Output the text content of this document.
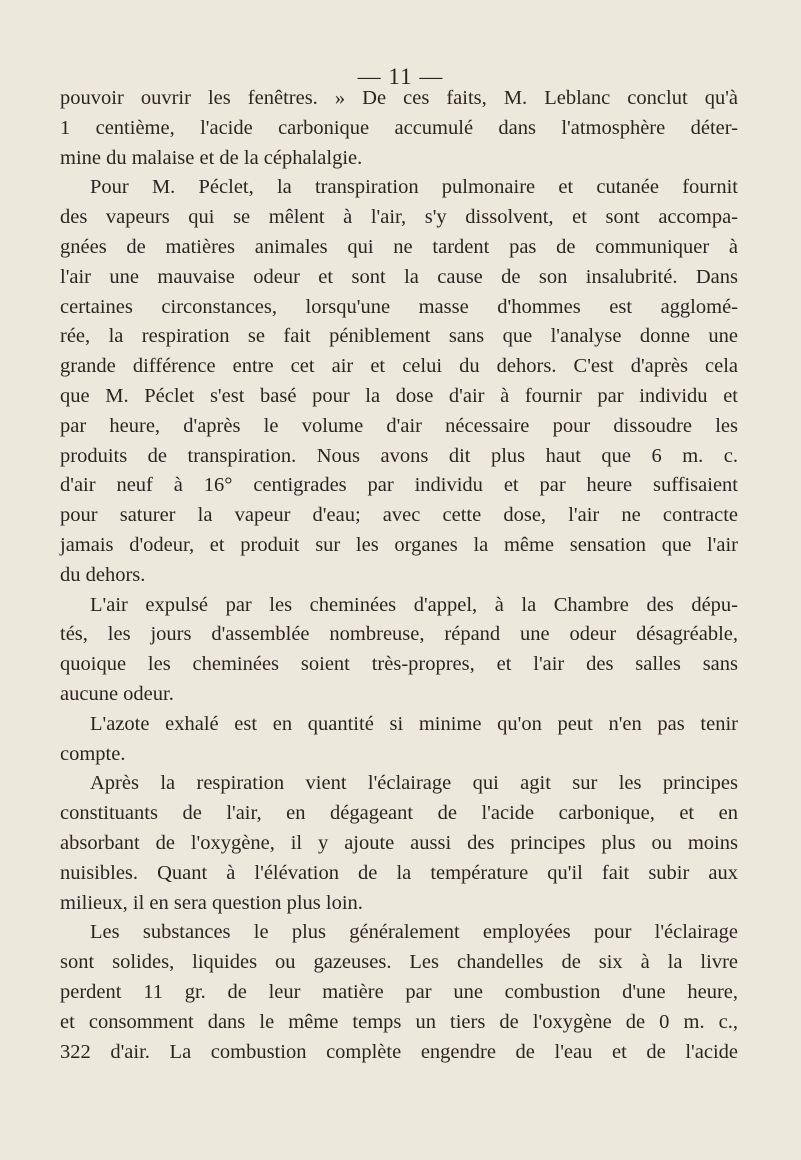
— 11 —
pouvoir ouvrir les fenêtres. » De ces faits, M. Leblanc conclut qu'à
1 centième, l'acide carbonique accumulé dans l'atmosphère déter-
mine du malaise et de la céphalalgie.
Pour M. Péclet, la transpiration pulmonaire et cutanée fournit
des vapeurs qui se mêlent à l'air, s'y dissolvent, et sont accompa-
gnées de matières animales qui ne tardent pas de communiquer à
l'air une mauvaise odeur et sont la cause de son insalubrité. Dans
certaines circonstances, lorsqu'une masse d'hommes est agglomé-
rée, la respiration se fait péniblement sans que l'analyse donne une
grande différence entre cet air et celui du dehors. C'est d'après cela
que M. Péclet s'est basé pour la dose d'air à fournir par individu et
par heure, d'après le volume d'air nécessaire pour dissoudre les
produits de transpiration. Nous avons dit plus haut que 6 m. c.
d'air neuf à 16° centigrades par individu et par heure suffisaient
pour saturer la vapeur d'eau; avec cette dose, l'air ne contracte
jamais d'odeur, et produit sur les organes la même sensation que l'air
du dehors.
L'air expulsé par les cheminées d'appel, à la Chambre des dépu-
tés, les jours d'assemblée nombreuse, répand une odeur désagréable,
quoique les cheminées soient très-propres, et l'air des salles sans
aucune odeur.
L'azote exhalé est en quantité si minime qu'on peut n'en pas tenir
compte.
Après la respiration vient l'éclairage qui agit sur les principes
constituants de l'air, en dégageant de l'acide carbonique, et en
absorbant de l'oxygène, il y ajoute aussi des principes plus ou moins
nuisibles. Quant à l'élévation de la température qu'il fait subir aux
milieux, il en sera question plus loin.
Les substances le plus généralement employées pour l'éclairage
sont solides, liquides ou gazeuses. Les chandelles de six à la livre
perdent 11 gr. de leur matière par une combustion d'une heure,
et consomment dans le même temps un tiers de l'oxygène de 0 m. c.,
322 d'air. La combustion complète engendre de l'eau et de l'acide
